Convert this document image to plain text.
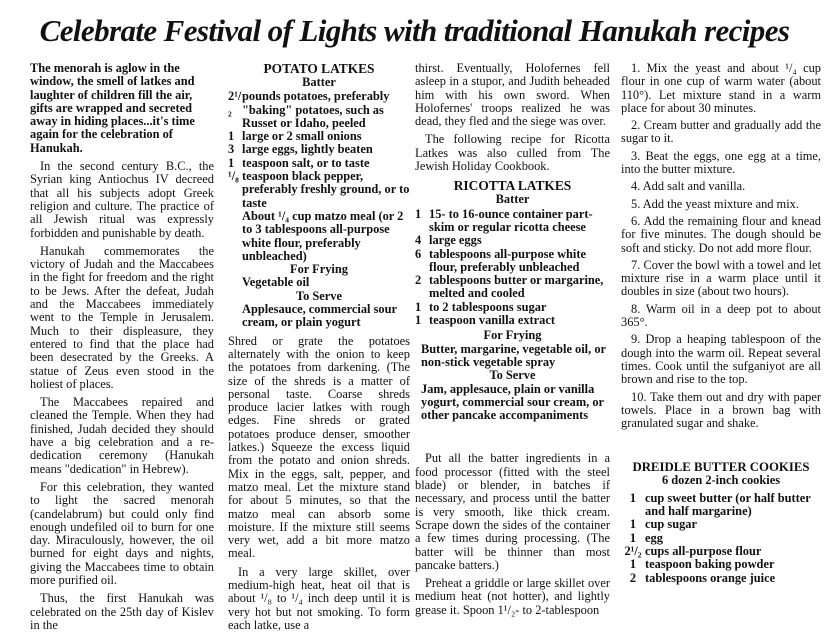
Celebrate Festival of Lights with traditional Hanukah recipes

The menorah is aglow in the window, the smell of latkes and laughter of children fill the air, gifts are wrapped and secreted away in hiding places...it's time again for the celebration of Hanukah.

In the second century B.C., the Syrian king Antiochus IV decreed that all his subjects adopt Greek religion and culture. The practice of all Jewish ritual was expressly forbidden and punishable by death.

Hanukah commemorates the victory of Judah and the Maccabees in the fight for freedom and the right to be Jews. After the defeat, Judah and the Maccabees immediately went to the Temple in Jerusalem. Much to their displeasure, they entered to find that the place had been desecrated by the Greeks. A statue of Zeus even stood in the holiest of places.

The Maccabees repaired and cleaned the Temple. When they had finished, Judah decided they should have a big celebration and a re-dedication ceremony (Hanukah means "dedication" in Hebrew).

For this celebration, they wanted to light the sacred menorah (candelabrum) but could only find enough undefiled oil to burn for one day. Miraculously, however, the oil burned for eight days and nights, giving the Maccabees time to obtain more purified oil.

Thus, the first Hanukah was celebrated on the 25th day of Kislev in the

POTATO LATKES
Batter
2¹/₂
pounds potatoes, preferably "baking" potatoes, such as Russet or Idaho, peeled
1 large or 2 small onions
3 large eggs, lightly beaten
1 teaspoon salt, or to taste
¹/₈ teaspoon black pepper, preferably freshly ground, or to taste
About ¹/₄ cup matzo meal (or 2 to 3 tablespoons all-purpose white flour, preferably unbleached)
For Frying
Vegetable oil
To Serve
Applesauce, commercial sour cream, or plain yogurt

Shred or grate the potatoes alternately with the onion to keep the potatoes from darkening. (The size of the shreds is a matter of personal taste. Coarse shreds produce lacier latkes with rough edges. Fine shreds or grated potatoes produce denser, smoother latkes.) Squeeze the excess liquid from the potato and onion shreds. Mix in the eggs, salt, pepper, and matzo meal. Let the mixture stand for about 5 minutes, so that the matzo meal can absorb some moisture. If the mixture still seems very wet, add a bit more matzo meal.

In a very large skillet, over medium-high heat, heat oil that is about ¹/₈ to ¹/₄ inch deep until it is very hot but not smoking. To form each latke, use a

thirst. Eventually, Holofernes fell asleep in a stupor, and Judith beheaded him with his own sword. When Holofernes' troops realized he was dead, they fled and the siege was over.

The following recipe for Ricotta Latkes was also culled from The Jewish Holiday Cookbook.

RICOTTA LATKES
Batter
1 15- to 16-ounce container part-skim or regular ricotta cheese
4 large eggs
6 tablespoons all-purpose white flour, preferably unbleached
2 tablespoons butter or margarine, melted and cooled
1 to 2 tablespoons sugar
1 teaspoon vanilla extract
For Frying
Butter, margarine, vegetable oil, or non-stick vegetable spray
To Serve
Jam, applesauce, plain or vanilla yogurt, commercial sour cream, or other pancake accompaniments

Put all the batter ingredients in a food processor (fitted with the steel blade) or blender, in batches if necessary, and process until the batter is very smooth, like thick cream. Scrape down the sides of the container a few times during processing. (The batter will be thinner than most pancake batters.)

Preheat a griddle or large skillet over medium heat (not hotter), and lightly grease it. Spoon 1¹/₂- to 2-tablespoon

1. Mix the yeast and about ¹/₄ cup flour in one cup of warm water (about 110°). Let mixture stand in a warm place for about 30 minutes.
2. Cream butter and gradually add the sugar to it.
3. Beat the eggs, one egg at a time, into the butter mixture.
4. Add salt and vanilla.
5. Add the yeast mixture and mix.
6. Add the remaining flour and knead for five minutes. The dough should be soft and sticky. Do not add more flour.
7. Cover the bowl with a towel and let mixture rise in a warm place until it doubles in size (about two hours).
8. Warm oil in a deep pot to about 365°.
9. Drop a heaping tablespoon of the dough into the warm oil. Repeat several times. Cook until the sufganiyot are all brown and rise to the top.
10. Take them out and dry with paper towels. Place in a brown bag with granulated sugar and shake.
DREIDLE BUTTER COOKIES
6 dozen 2-inch cookies
1 cup sweet butter (or half butter and half margarine)
1 cup sugar
1 egg
2¹/₂ cups all-purpose flour
1 teaspoon baking powder
2 tablespoons orange juice
